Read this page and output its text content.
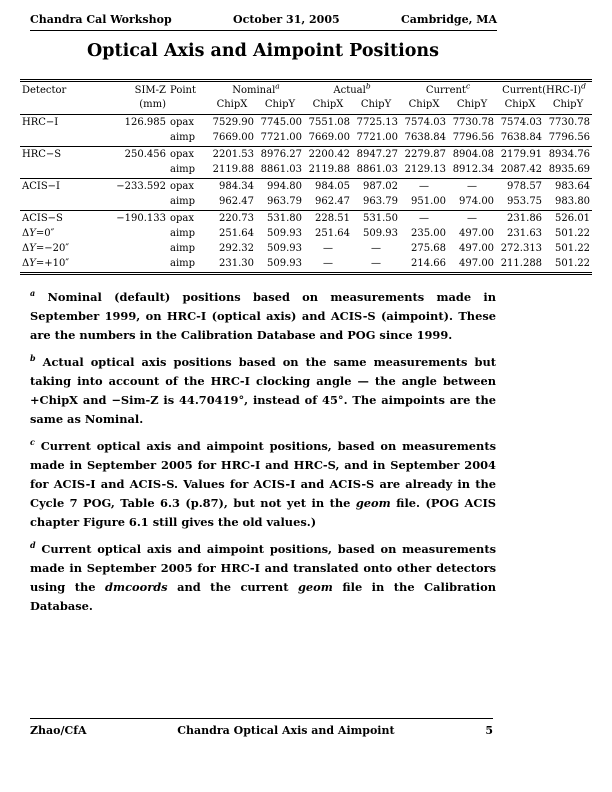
Chandra Cal Workshop	October 31, 2005	Cambridge, MA
Optical Axis and Aimpoint Positions
Detector	SIM-Z	Point	Nominal$^a$		Actual$^b$		Current$^c$		$Current(HRC-I)^d$
	(mm)		ChipX	ChipY	ChipX	ChipY	ChipX	ChipY	ChipX	ChipY
HRC−I	126.985	opax	7529.90	7745.00	7551.08	7725.13	7574.03	7730.78	7574.03	7730.78
		aimp	7669.00	7721.00	7669.00	7721.00	7638.84	7796.56	7638.84	7796.56
HRC−S	250.456	opax	2201.53	8976.27	2200.42	8947.27	2279.87	8904.08	2179.91	8934.76
		aimp	2119.88	8861.03	2119.88	8861.03	2129.13	8912.34	2087.42	8935.69
ACIS−I	−233.592	opax	984.34	994.80	984.05	987.02	—	—	978.57	983.64
		aimp	962.47	963.79	962.47	963.79	951.00	974.00	953.75	983.80
ACIS−S	−190.133	opax	220.73	531.80	228.51	531.50	—	—	231.86	526.01
ΔY=0″		aimp	251.64	509.93	251.64	509.93	235.00	497.00	231.63	501.22
ΔY=−20″		aimp	292.32	509.93	—	—	275.68	497.00	272.313	501.22
ΔY=+10″		aimp	231.30	509.93	—	—	214.66	497.00	211.288	501.22

$^a$ Nominal (default) positions based on measurements made in September 1999, on HRC-I (optical axis) and ACIS-S (aimpoint). These are the numbers in the Calibration Database and POG since 1999.

$^b$ Actual optical axis positions based on the same measurements but taking into account of the HRC-I clocking angle — the angle between +ChipX and −Sim-Z is 44.70419°, instead of 45°. The aimpoints are the same as Nominal.

$^c$ Current optical axis and aimpoint positions, based on measurements made in September 2005 for HRC-I and HRC-S, and in September 2004 for ACIS-I and ACIS-S. Values for ACIS-I and ACIS-S are already in the Cycle 7 POG, Table 6.3 (p.87), but not yet in the geom file. (POG ACIS chapter Figure 6.1 still gives the old values.)

$^d$ Current optical axis and aimpoint positions, based on measurements made in September 2005 for HRC-I and translated onto other detectors using the dmcoords and the current geom file in the Calibration Database.

Zhao/CfA	Chandra Optical Axis and Aimpoint	5
